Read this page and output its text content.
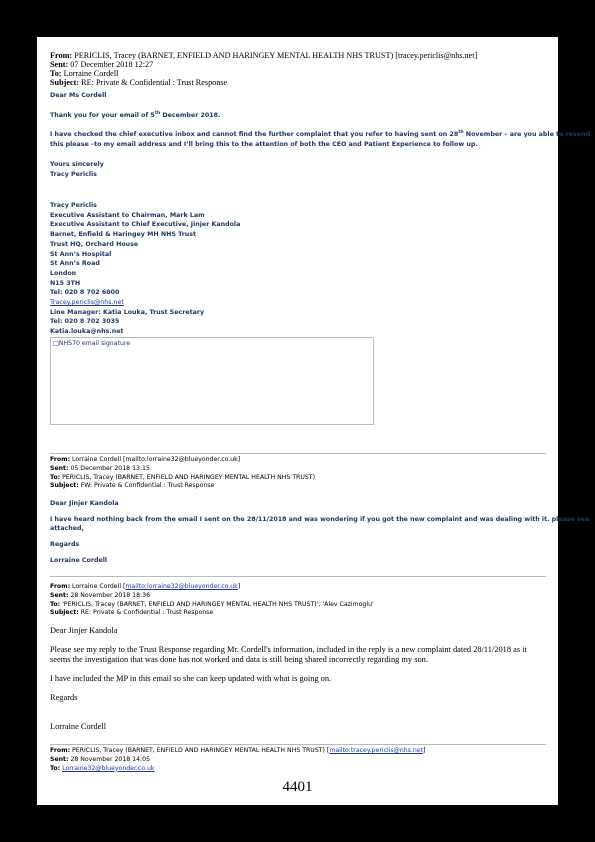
From: PERICLIS, Tracey (BARNET, ENFIELD AND HARINGEY MENTAL HEALTH NHS TRUST) [tracey.periclis@nhs.net]
Sent: 07 December 2018 12:27
To: Lorraine Cordell
Subject: RE: Private & Confidential : Trust Response
Dear Ms Cordell
Thank you for your email of 5th December 2018.
I have checked the chief executive inbox and cannot find the further complaint that you refer to having sent on 28th November – are you able to resend
this please –to my email address and I’ll bring this to the attention of both the CEO and Patient Experience to follow up.
Yours sincerely
Tracy Periclis
Tracy Periclis
Executive Assistant to Chairman, Mark Lam
Executive Assistant to Chief Executive, Jinjer Kandola
Barnet, Enfield & Haringey MH NHS Trust
Trust HQ, Orchard House
St Ann’s Hospital
St Ann’s Road
London
N15 3TH
Tel: 020 8 702 6000
Tracey.periclis@nhs.net
Line Manager: Katia Louka, Trust Secretary
Tel: 020 8 702 3035
Katia.louka@nhs.net
□NHS70 email signature
From: Lorraine Cordell [mailto:lorraine32@blueyonder.co.uk]
Sent: 05 December 2018 13:15
To: PERICLIS, Tracey (BARNET, ENFIELD AND HARINGEY MENTAL HEALTH NHS TRUST)
Subject: FW: Private & Confidential : Trust Response
Dear Jinjer Kandola
I have heard nothing back from the email I sent on the 28/11/2018 and was wondering if you got the new complaint and was dealing with it. please see
attached,
Regards
Lorraine Cordell
From: Lorraine Cordell [mailto:lorraine32@blueyonder.co.uk]
Sent: 28 November 2018 18:36
To: 'PERICLIS, Tracey (BARNET, ENFIELD AND HARINGEY MENTAL HEALTH NHS TRUST)'; 'Alev Cazimoglu'
Subject: RE: Private & Confidential : Trust Response
Dear Jinjer Kandola
Please see my reply to the Trust Response regarding Mr. Cordell's information, included in the reply is a new complaint dated 28/11/2018 as it
seems the investigation that was done has not worked and data is still being shared incorrectly regarding my son.
I have included the MP in this email so she can keep updated with what is going on.
Regards
Lorraine Cordell
From: PERICLIS, Tracey (BARNET, ENFIELD AND HARINGEY MENTAL HEALTH NHS TRUST) [mailto:tracey.periclis@nhs.net]
Sent: 28 November 2018 14:05
To: Lorraine32@blueyonder.co.uk
4401
